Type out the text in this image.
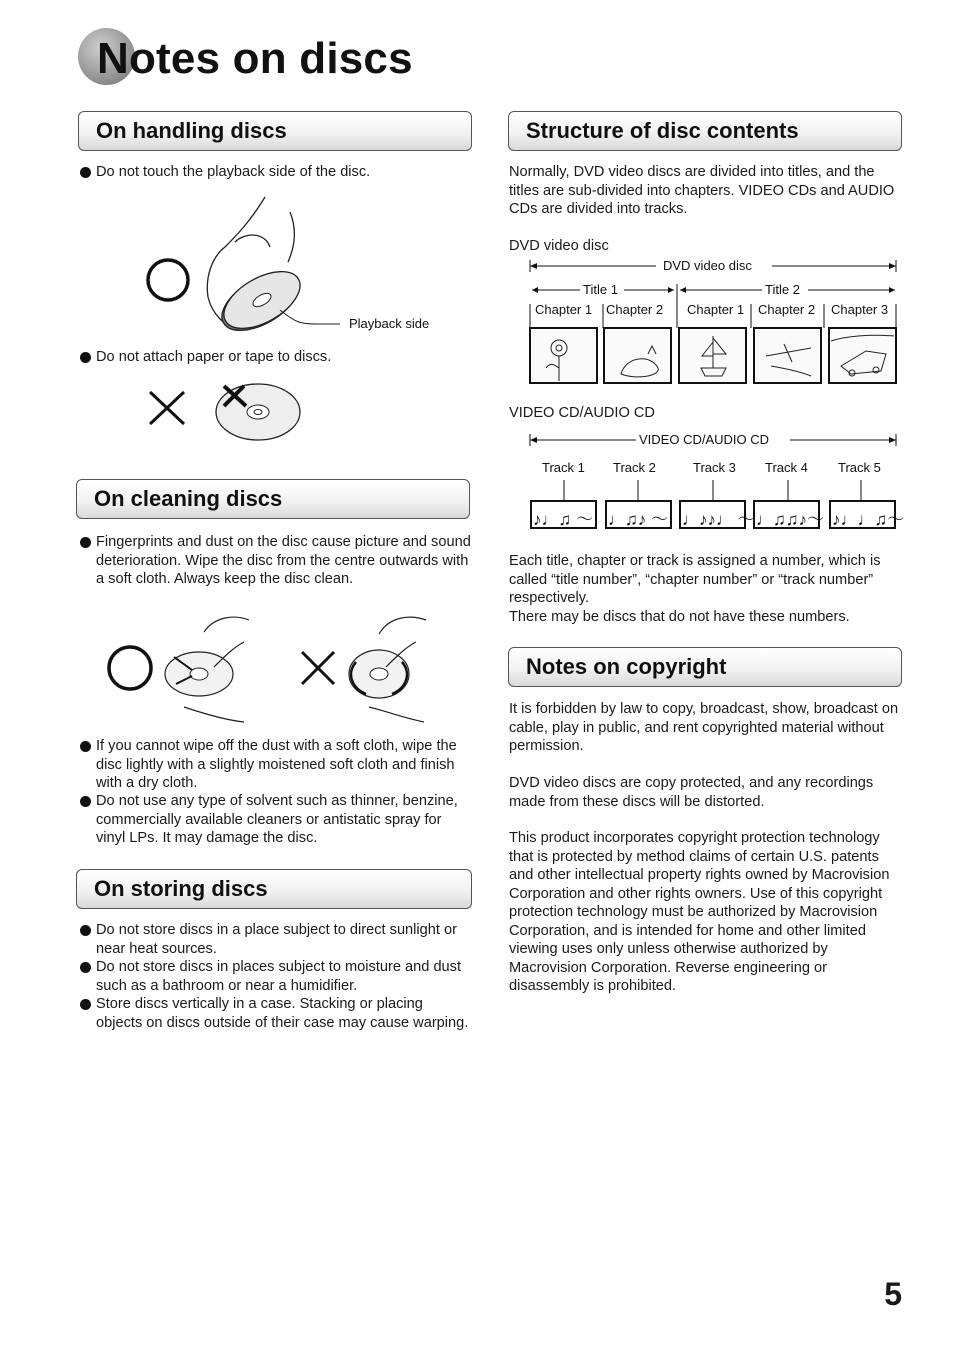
Notes on discs
On handling discs
Do not touch the playback side of the disc.
Playback side
Do not attach paper or tape to discs.
On cleaning discs
Fingerprints and dust on the disc cause picture and sound deterioration. Wipe the disc from the centre outwards with a soft cloth. Always keep the disc clean.
If you cannot wipe off the dust with a soft cloth, wipe the disc lightly with a slightly moistened soft cloth and finish with a dry cloth.
Do not use any type of solvent such as thinner, benzine, commercially available cleaners or antistatic spray for vinyl LPs. It may damage the disc.
On storing discs
Do not store discs in a place subject to direct sunlight or near heat sources.
Do not store discs in places subject to moisture and dust such as a bathroom or near a humidifier.
Store discs vertically in a case. Stacking or placing objects on discs outside of their case may cause warping.
Structure of disc contents
Normally, DVD video discs are divided into titles, and the titles are sub-divided into chapters. VIDEO CDs and AUDIO CDs are divided into tracks.
DVD video disc
DVD video disc
Title 1	Title 2
Chapter 1 Chapter 2 Chapter 1 Chapter 2 Chapter 3
VIDEO CD/AUDIO CD
VIDEO CD/AUDIO CD
Track 1 Track 2	Track 3 Track 4 Track 5
♪♩♫ ～ ♩♫♪ ～ ♩♪♪♩ ～ ♩♫♫♪～ ♪♩♩♫～
Each title, chapter or track is assigned a number, which is called “title number”, “chapter number” or “track number” respectively.
There may be discs that do not have these numbers.
Notes on copyright
It is forbidden by law to copy, broadcast, show, broadcast on cable, play in public, and rent copyrighted material without permission.
DVD video discs are copy protected, and any recordings made from these discs will be distorted.
This product incorporates copyright protection technology that is protected by method claims of certain U.S. patents and other intellectual property rights owned by Macrovision Corporation and other rights owners. Use of this copyright protection technology must be authorized by Macrovision Corporation, and is intended for home and other limited viewing uses only unless otherwise authorized by Macrovision Corporation. Reverse engineering or disassembly is prohibited.
5
